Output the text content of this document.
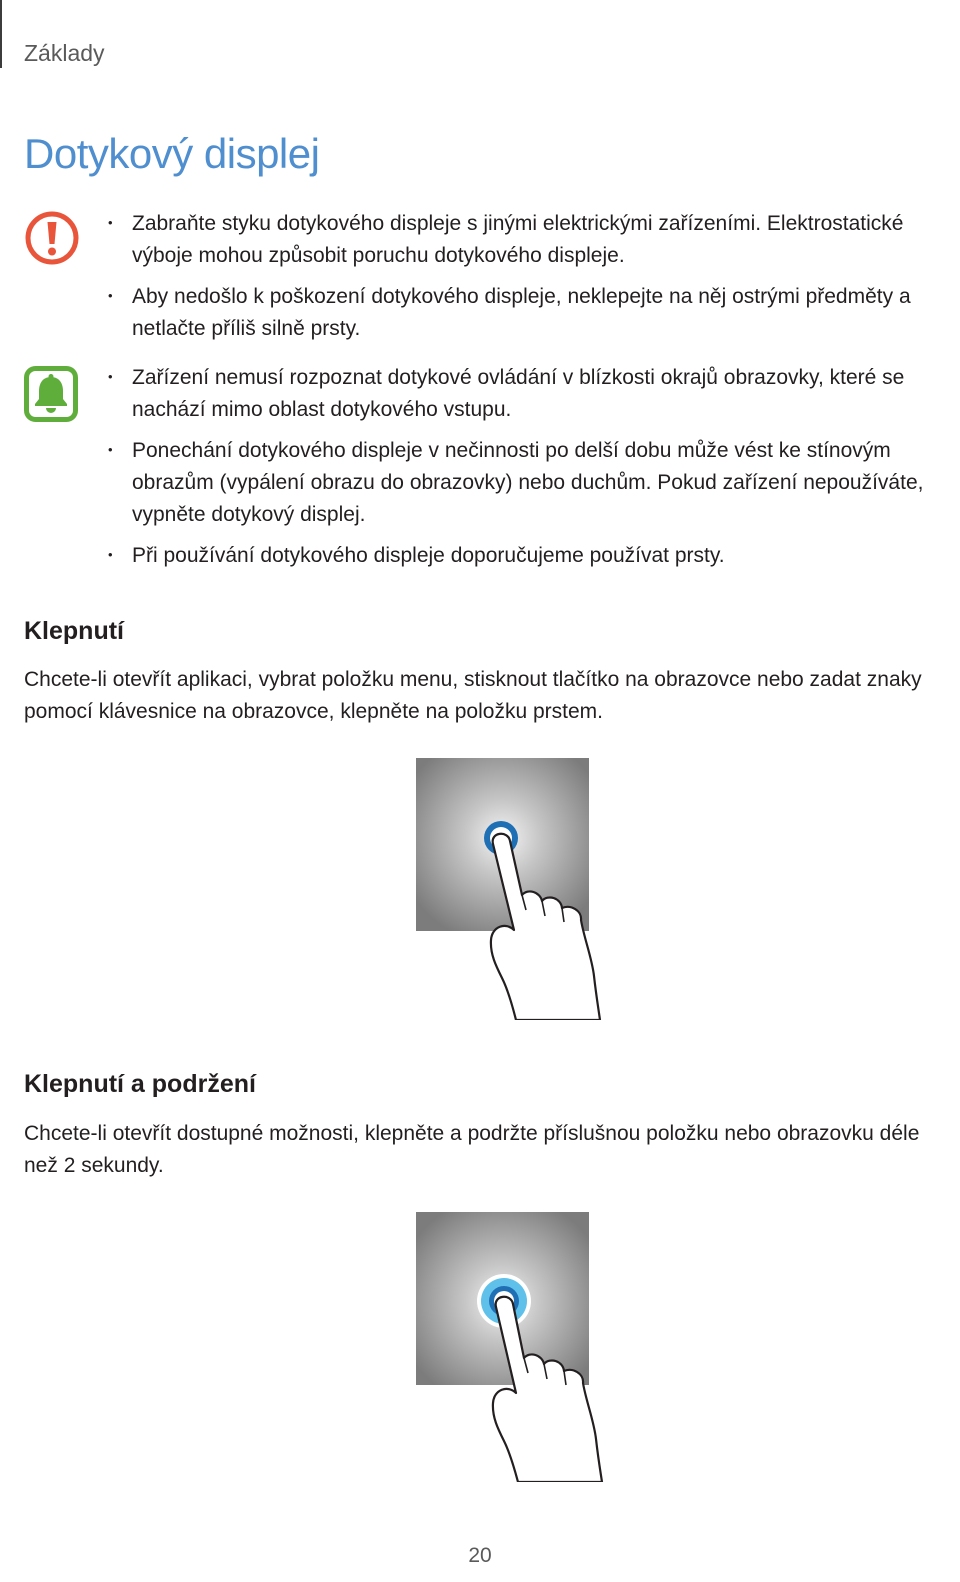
Základy
Dotykový displej
• Zabraňte styku dotykového displeje s jinými elektrickými zařízeními. Elektrostatické výboje mohou způsobit poruchu dotykového displeje.
• Aby nedošlo k poškození dotykového displeje, neklepejte na něj ostrými předměty a netlačte příliš silně prsty.
• Zařízení nemusí rozpoznat dotykové ovládání v blízkosti okrajů obrazovky, které se nachází mimo oblast dotykového vstupu.
• Ponechání dotykového displeje v nečinnosti po delší dobu může vést ke stínovým obrazům (vypálení obrazu do obrazovky) nebo duchům. Pokud zařízení nepoužíváte, vypněte dotykový displej.
• Při používání dotykového displeje doporučujeme používat prsty.
Klepnutí

Chcete-li otevřít aplikaci, vybrat položku menu, stisknout tlačítko na obrazovce nebo zadat znaky pomocí klávesnice na obrazovce, klepněte na položku prstem.

Klepnutí a podržení

Chcete-li otevřít dostupné možnosti, klepněte a podržte příslušnou položku nebo obrazovku déle než 2 sekundy.

20
